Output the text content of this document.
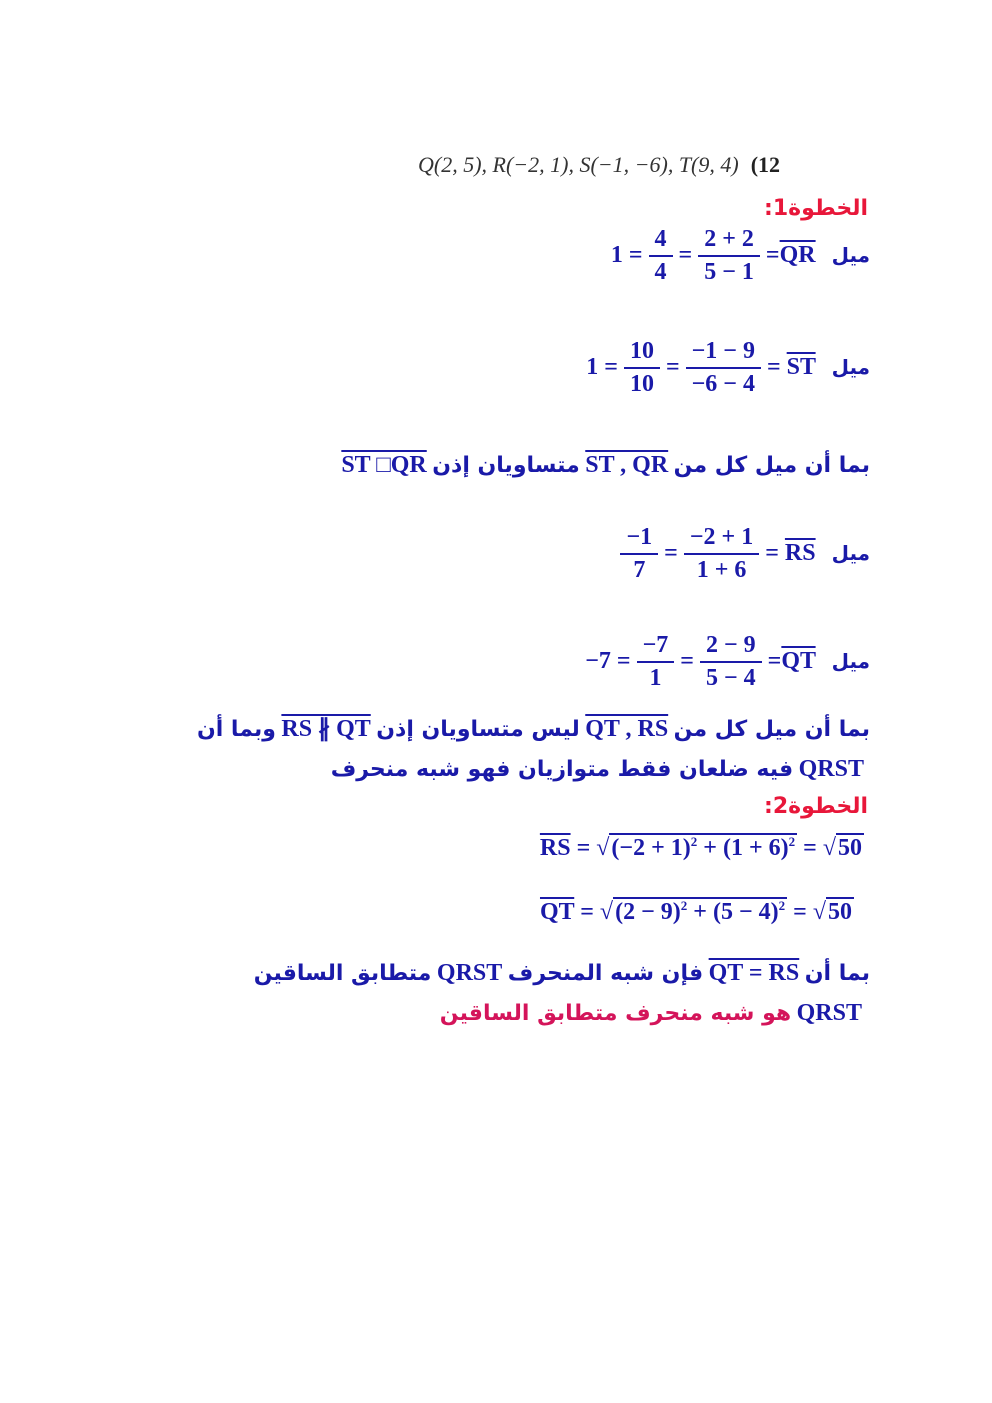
Q(2, 5), R(−2, 1), S(−1, −6), T(9, 4) (12
الخطوة1:
$1 = \frac{4}{4} = \frac{2 + 2}{5 - 1} =\overline{QR}$ ميل
$1 = \frac{10}{10} = \frac{-1 - 9}{-6 - 4} = \overline{ST}$ ميل
بما أن ميل كل من ST , QR متساويان إذن ST □QR
$\frac{-1}{7} = \frac{-2 + 1}{1 + 6} = \overline{RS}$ ميل
$-7 = \frac{-7}{1} = \frac{2 - 9}{5 - 4} =\overline{QT}$ ميل
بما أن ميل كل من QT , RS ليس متساويان إذن RS ∦ QT وبما أن
QRST فيه ضلعان فقط متوازيان فهو شبه منحرف
الخطوة2:
$\overline{RS} = √(-2 + 1)^2 + (1 + 6)^2 = √50$
$\overline{QT} = √(2 - 9)^2 + (5 - 4)^2 = √50$
بما أن QT = RS فإن شبه المنحرف QRST متطابق الساقين
QRST هو شبه منحرف متطابق الساقين
